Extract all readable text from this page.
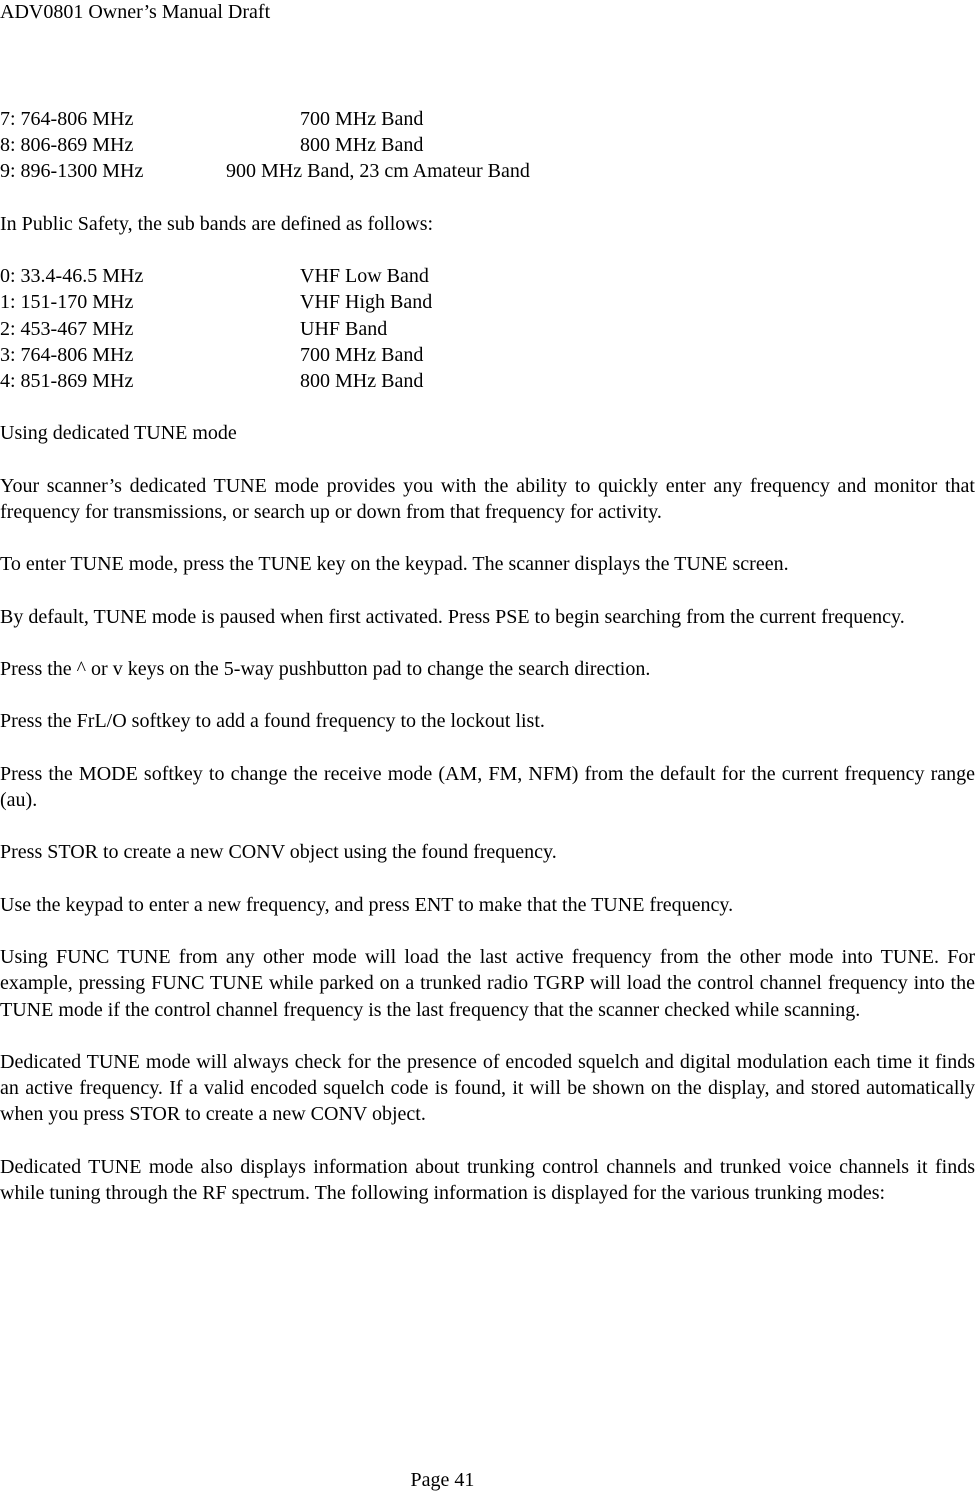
ADV0801 Owner’s Manual Draft
7: 764-806 MHz	700 MHz Band
8: 806-869 MHz	800 MHz Band
9: 896-1300 MHz	900 MHz Band, 23 cm Amateur Band
In Public Safety, the sub bands are defined as follows:
0: 33.4-46.5 MHz	VHF Low Band
1: 151-170 MHz	VHF High Band
2: 453-467 MHz	UHF Band
3: 764-806 MHz	700 MHz Band
4: 851-869 MHz	800 MHz Band
Using dedicated TUNE mode

Your scanner’s dedicated TUNE mode provides you with the ability to quickly enter any frequency and monitor that frequency for transmissions, or search up or down from that frequency for activity.

To enter TUNE mode, press the TUNE key on the keypad. The scanner displays the TUNE screen.

By default, TUNE mode is paused when first activated. Press PSE to begin searching from the current frequency.

Press the ^ or v keys on the 5-way pushbutton pad to change the search direction.

Press the FrL/O softkey to add a found frequency to the lockout list.

Press the MODE softkey to change the receive mode (AM, FM, NFM) from the default for the current frequency range (au).

Press STOR to create a new CONV object using the found frequency.

Use the keypad to enter a new frequency, and press ENT to make that the TUNE frequency.

Using FUNC TUNE from any other mode will load the last active frequency from the other mode into TUNE. For example, pressing FUNC TUNE while parked on a trunked radio TGRP will load the control channel frequency into the TUNE mode if the control channel frequency is the last frequency that the scanner checked while scanning.

Dedicated TUNE mode will always check for the presence of encoded squelch and digital modulation each time it finds an active frequency. If a valid encoded squelch code is found, it will be shown on the display, and stored automatically when you press STOR to create a new CONV object.

Dedicated TUNE mode also displays information about trunking control channels and trunked voice channels it finds while tuning through the RF spectrum. The following information is displayed for the various trunking modes:

Page 41
